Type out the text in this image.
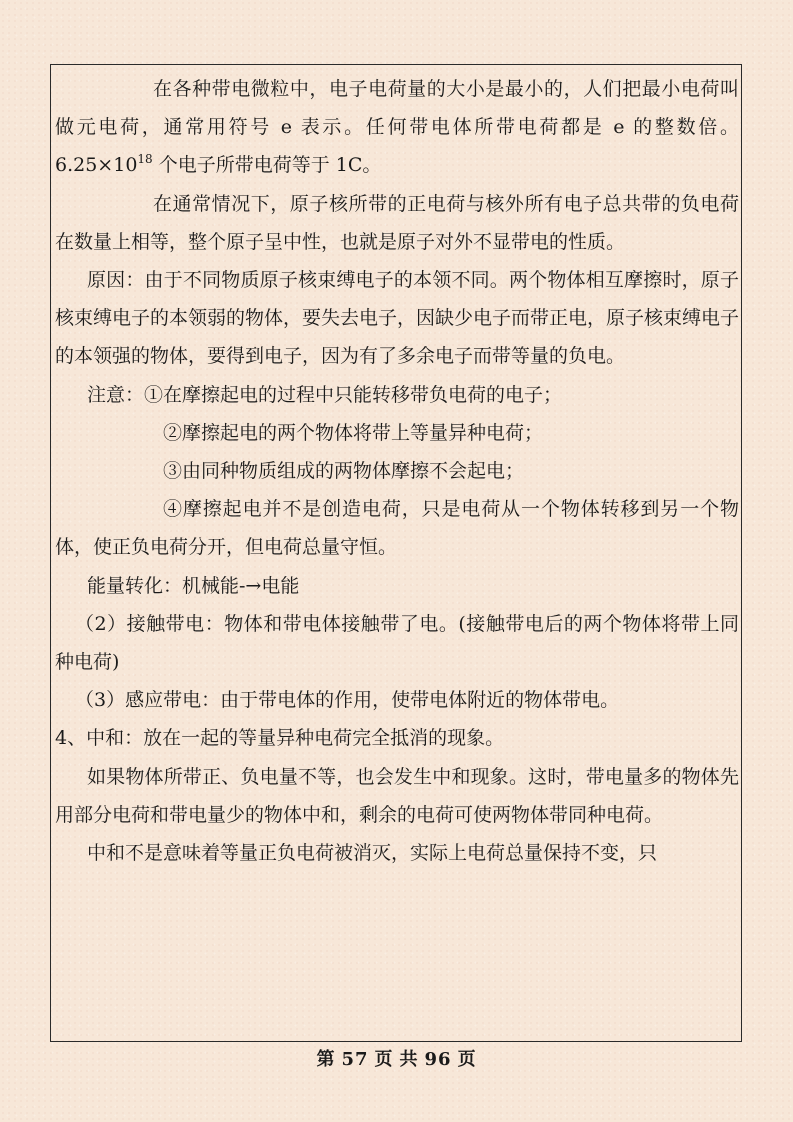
在各种带电微粒中，电子电荷量的大小是最小的，人们把最小电荷叫做元电荷，通常用符号 e 表示。任何带电体所带电荷都是 e 的整数倍。$6.25\times 10^{18}$ 个电子所带电荷等于 1C。

在通常情况下，原子核所带的正电荷与核外所有电子总共带的负电荷在数量上相等，整个原子呈中性，也就是原子对外不显带电的性质。

原因：由于不同物质原子核束缚电子的本领不同。两个物体相互摩擦时，原子核束缚电子的本领弱的物体，要失去电子，因缺少电子而带正电，原子核束缚电子的本领强的物体，要得到电子，因为有了多余电子而带等量的负电。

注意：①在摩擦起电的过程中只能转移带负电荷的电子；

②摩擦起电的两个物体将带上等量异种电荷；

③由同种物质组成的两物体摩擦不会起电；

④摩擦起电并不是创造电荷，只是电荷从一个物体转移到另一个物体，使正负电荷分开，但电荷总量守恒。

能量转化：机械能-→电能

（2）接触带电：物体和带电体接触带了电。(接触带电后的两个物体将带上同种电荷)

（3）感应带电：由于带电体的作用，使带电体附近的物体带电。

4、中和：放在一起的等量异种电荷完全抵消的现象。

如果物体所带正、负电量不等，也会发生中和现象。这时，带电量多的物体先用部分电荷和带电量少的物体中和，剩余的电荷可使两物体带同种电荷。

中和不是意味着等量正负电荷被消灭，实际上电荷总量保持不变，只

第 57 页 共 96 页
